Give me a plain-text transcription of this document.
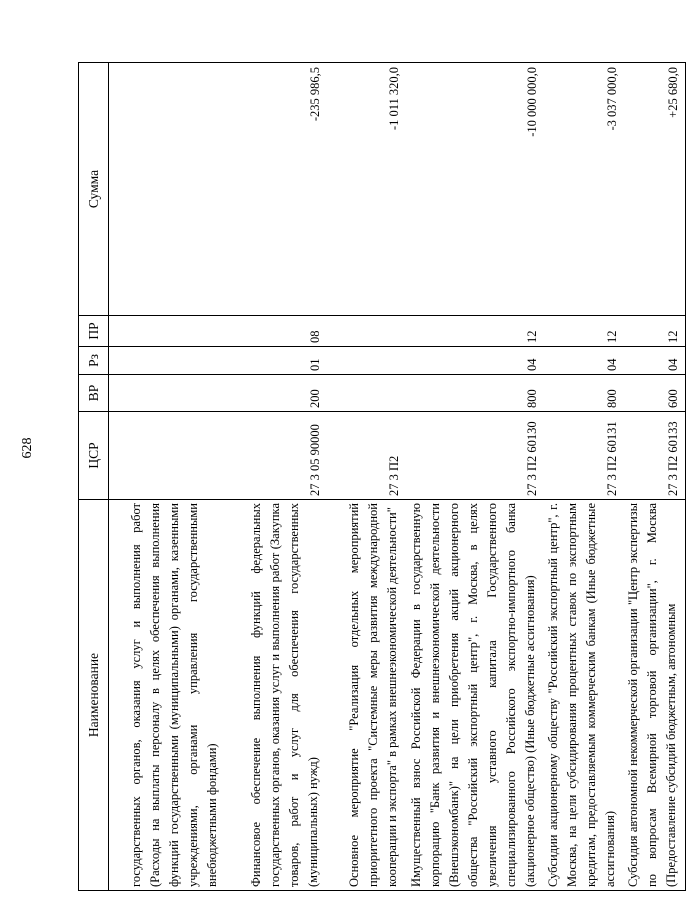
628
Наименование	ЦСР	ВР	Рз	ПР	Сумма
государственных органов, оказания услуг и выполнения работ (Расходы на выплаты персоналу в целях обеспечения выполнения функций государственными (муниципальными) органами, казенными учреждениями, органами управления государственными внебюджетными фондами)					
Финансовое обеспечение выполнения функций федеральных государственных органов, оказания услуг и выполнения работ (Закупка товаров, работ и услуг для обеспечения государственных (муниципальных) нужд)	27 3 05 90000	200	01	08	-235 986,5
Основное мероприятие "Реализация отдельных мероприятий приоритетного проекта "Системные меры развития международной кооперации и экспорта" в рамках внешнеэкономической деятельности"	27 3 П2				-1 011 320,0
Имущественный взнос Российской Федерации в государственную корпорацию "Банк развития и внешнеэкономической деятельности (Внешэкономбанк)" на цели приобретения акций акционерного общества "Российский экспортный центр", г. Москва, в целях увеличения уставного капитала Государственного специализированного Российского экспортно-импортного банка (акционерное общество) (Иные бюджетные ассигнования)	27 3 П2 60130	800	04	12	-10 000 000,0
Субсидии акционерному обществу "Российский экспортный центр", г. Москва, на цели субсидирования процентных ставок по экспортным кредитам, предоставляемым коммерческим банкам (Иные бюджетные ассигнования)	27 3 П2 60131	800	04	12	-3 037 000,0
Субсидия автономной некоммерческой организации "Центр экспертизы по вопросам Всемирной торговой организации", г. Москва (Предоставление субсидий бюджетным, автономным	27 3 П2 60133	600	04	12	+25 680,0
